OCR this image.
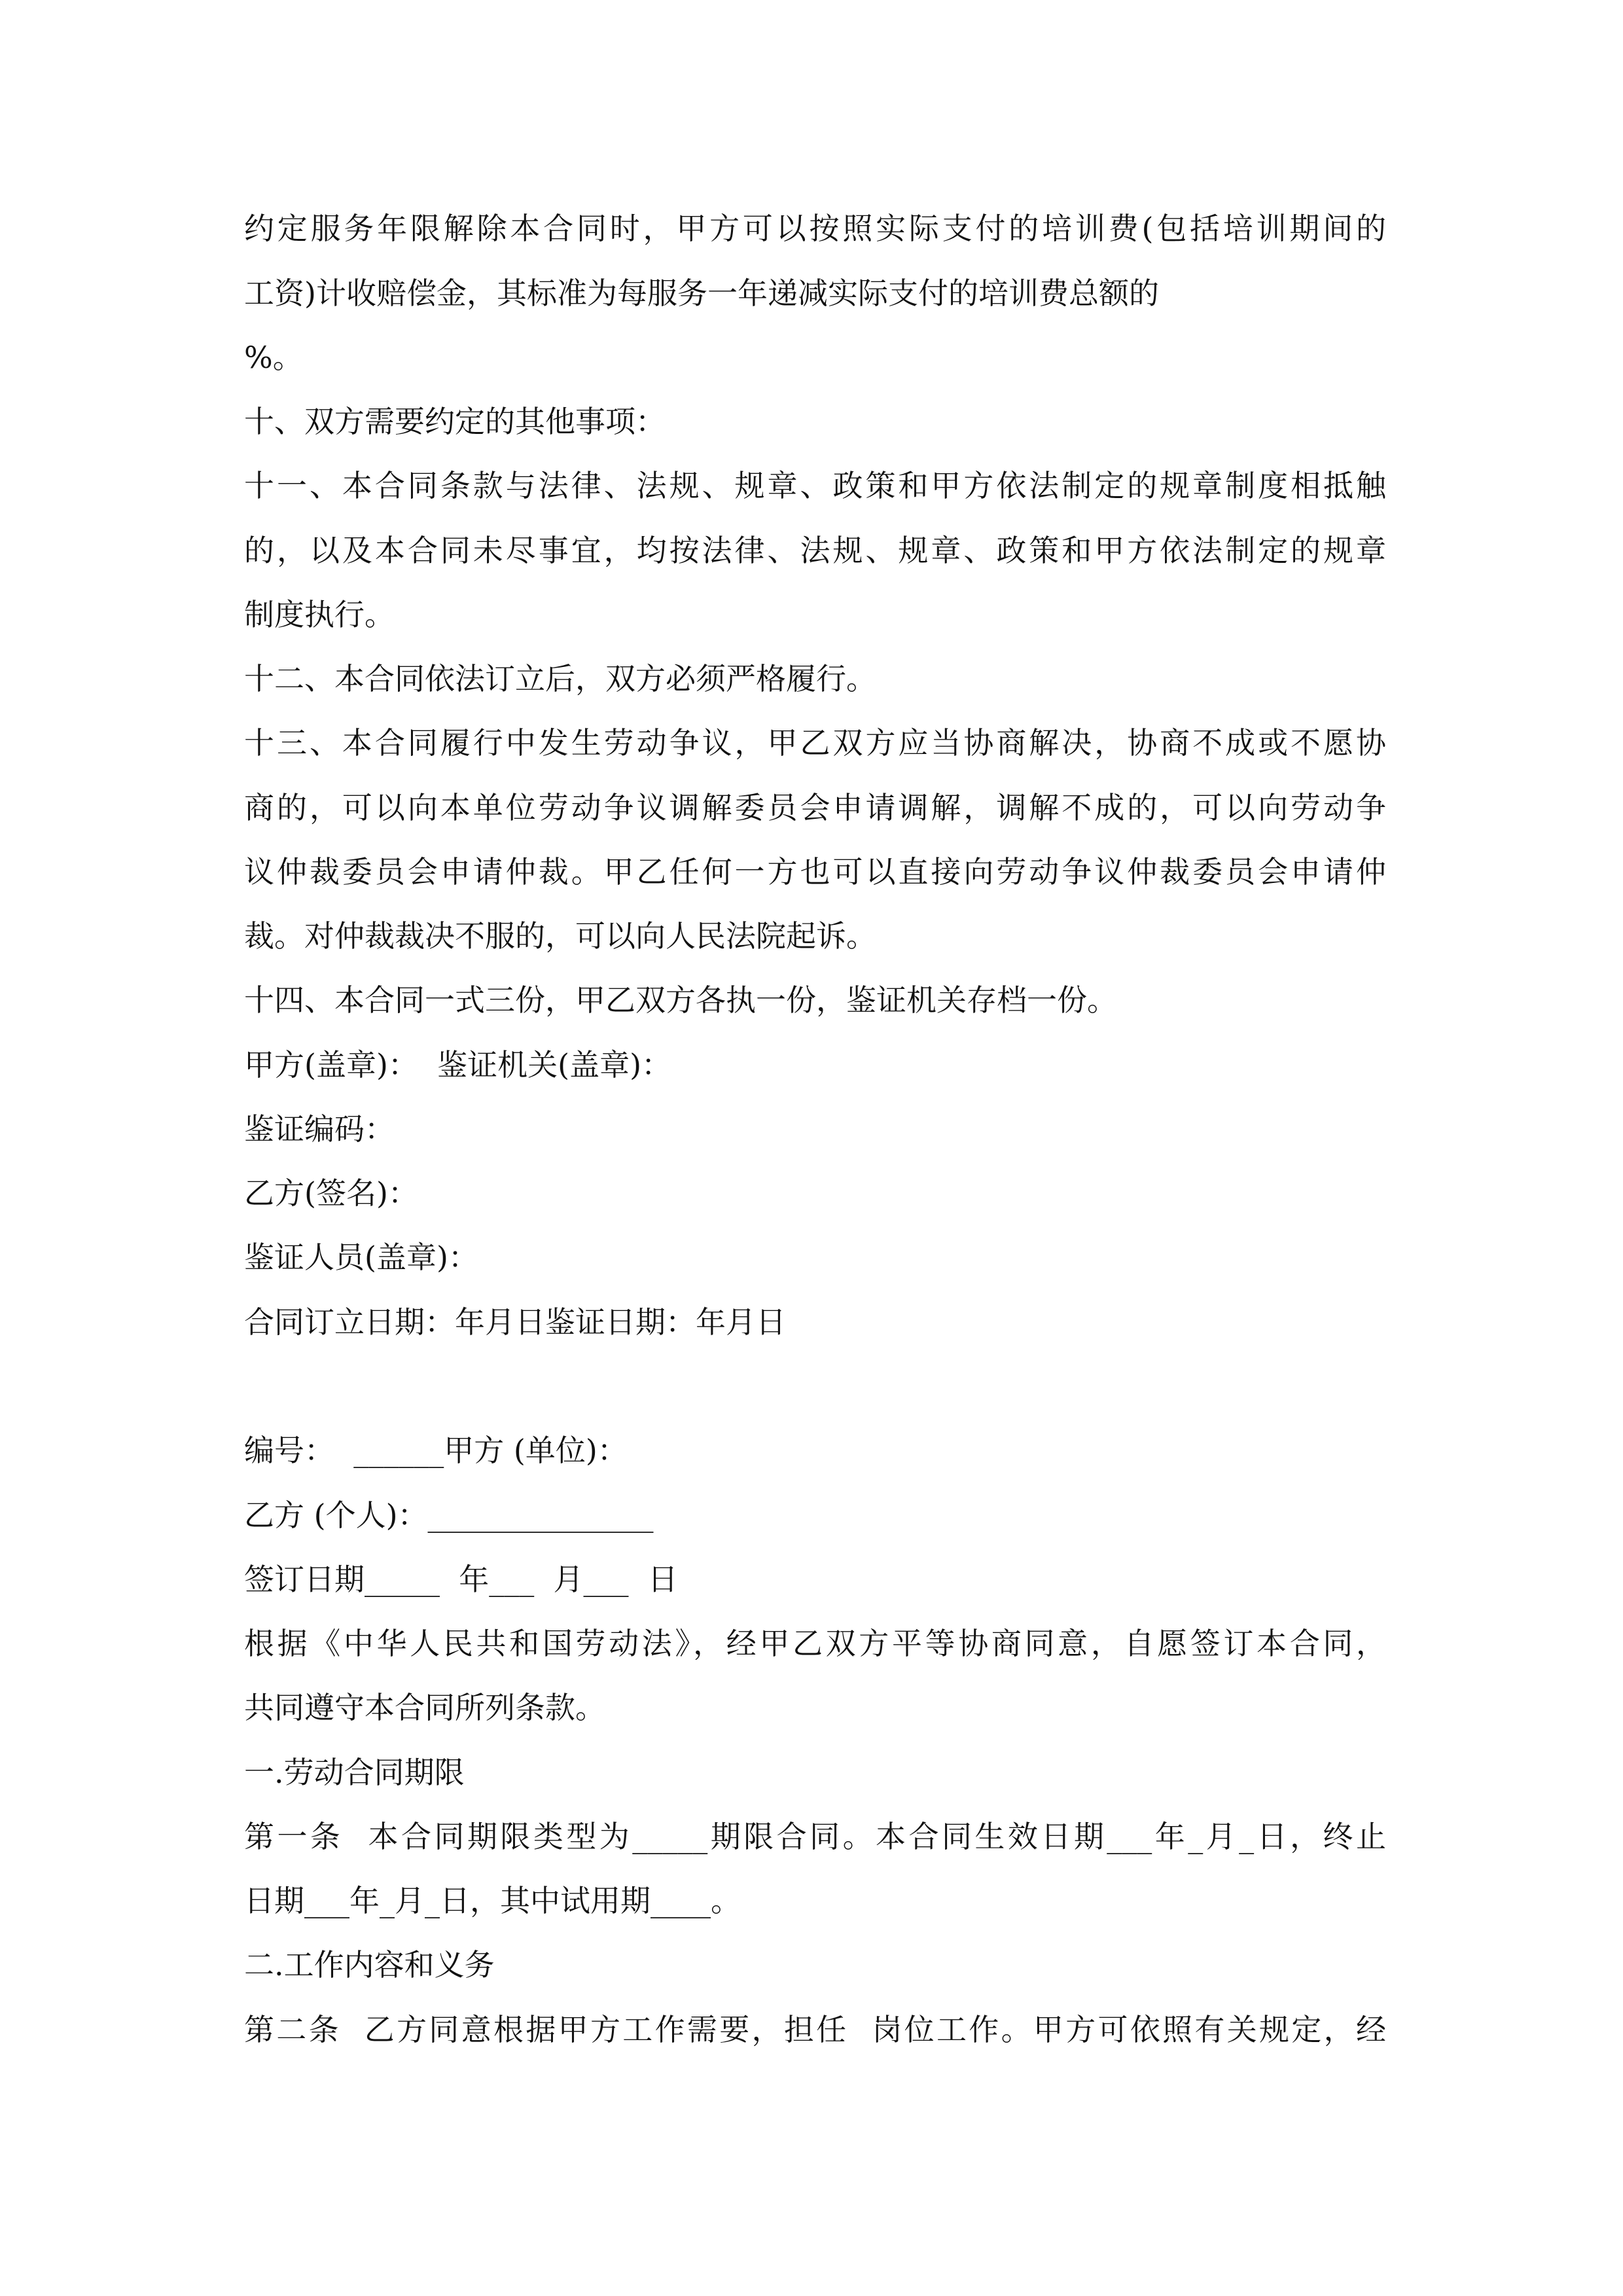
约定服务年限解除本合同时，甲方可以按照实际支付的培训费(包括培训期间的
工资)计收赔偿金，其标准为每服务一年递减实际支付的培训费总额的
%。
十、双方需要约定的其他事项：
十一、本合同条款与法律、法规、规章、政策和甲方依法制定的规章制度相抵触
的，以及本合同未尽事宜，均按法律、法规、规章、政策和甲方依法制定的规章
制度执行。
十二、本合同依法订立后，双方必须严格履行。
十三、本合同履行中发生劳动争议，甲乙双方应当协商解决，协商不成或不愿协
商的，可以向本单位劳动争议调解委员会申请调解，调解不成的，可以向劳动争
议仲裁委员会申请仲裁。甲乙任何一方也可以直接向劳动争议仲裁委员会申请仲
裁。对仲裁裁决不服的，可以向人民法院起诉。
十四、本合同一式三份，甲乙双方各执一份，鉴证机关存档一份。
甲方(盖章)：  鉴证机关(盖章)：
鉴证编码：
乙方(签名)：
鉴证人员(盖章)：
合同订立日期：年月日鉴证日期：年月日
编号：  ______甲方 (单位)：
乙方 (个人)：_______________
签订日期_____  年___  月___  日
根据《中华人民共和国劳动法》，经甲乙双方平等协商同意，自愿签订本合同，
共同遵守本合同所列条款。
一.劳动合同期限
第一条  本合同期限类型为_____期限合同。本合同生效日期___年_月_日，终止
日期___年_月_日，其中试用期____。
二.工作内容和义务
第二条  乙方同意根据甲方工作需要，担任  岗位工作。甲方可依照有关规定，经
